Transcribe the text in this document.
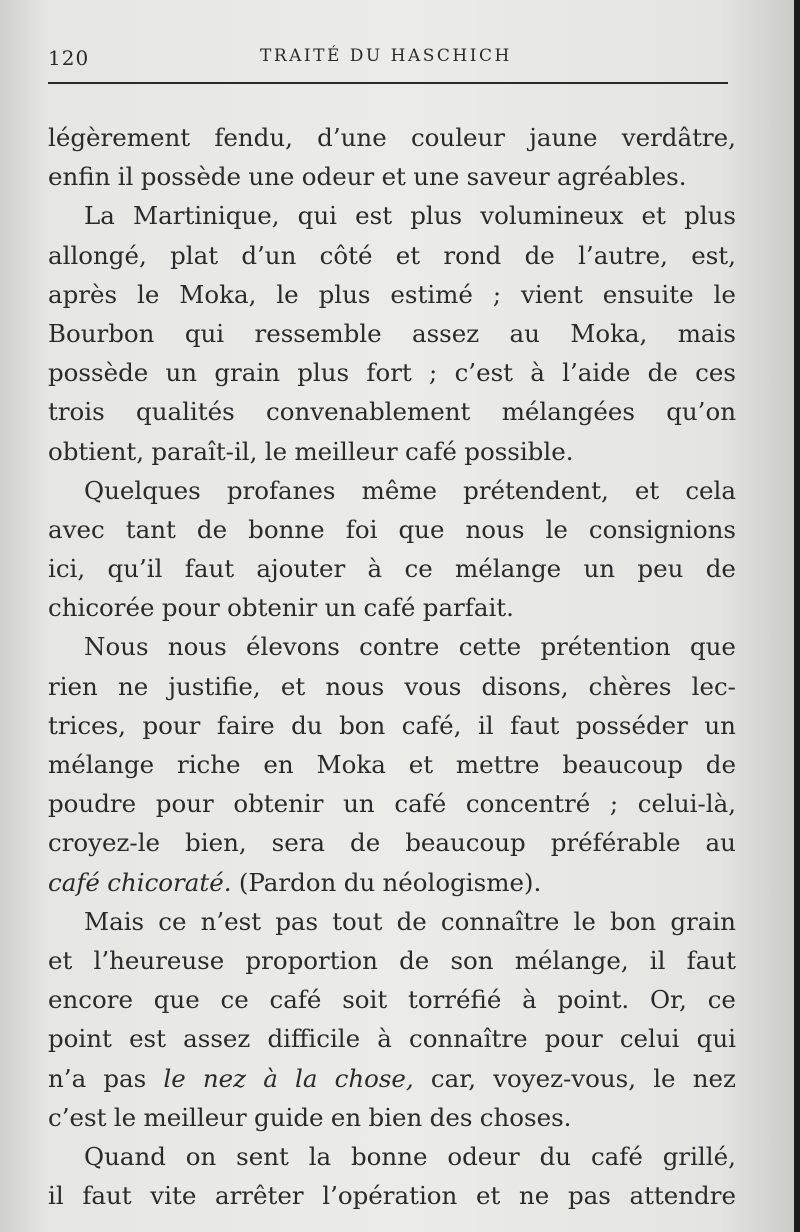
120	TRAITÉ DU HASCHICH
légèrement fendu, d’une couleur jaune verdâtre,
enfin il possède une odeur et une saveur agréables.
La Martinique, qui est plus volumineux et plus
allongé, plat d’un côté et rond de l’autre, est,
après le Moka, le plus estimé ; vient ensuite le
Bourbon qui ressemble assez au Moka, mais
possède un grain plus fort ; c’est à l’aide de ces
trois qualités convenablement mélangées qu’on
obtient, paraît-il, le meilleur café possible.
Quelques profanes même prétendent, et cela
avec tant de bonne foi que nous le consignions
ici, qu’il faut ajouter à ce mélange un peu de
chicorée pour obtenir un café parfait.
Nous nous élevons contre cette prétention que
rien ne justifie, et nous vous disons, chères lec-
trices, pour faire du bon café, il faut posséder un
mélange riche en Moka et mettre beaucoup de
poudre pour obtenir un café concentré ; celui-là,
croyez-le bien, sera de beaucoup préférable au
café chicoraté. (Pardon du néologisme).
Mais ce n’est pas tout de connaître le bon grain
et l’heureuse proportion de son mélange, il faut
encore que ce café soit torréfié à point. Or, ce
point est assez difficile à connaître pour celui qui
n’a pas le nez à la chose, car, voyez-vous, le nez
c’est le meilleur guide en bien des choses.
Quand on sent la bonne odeur du café grillé,
il faut vite arrêter l’opération et ne pas attendre
